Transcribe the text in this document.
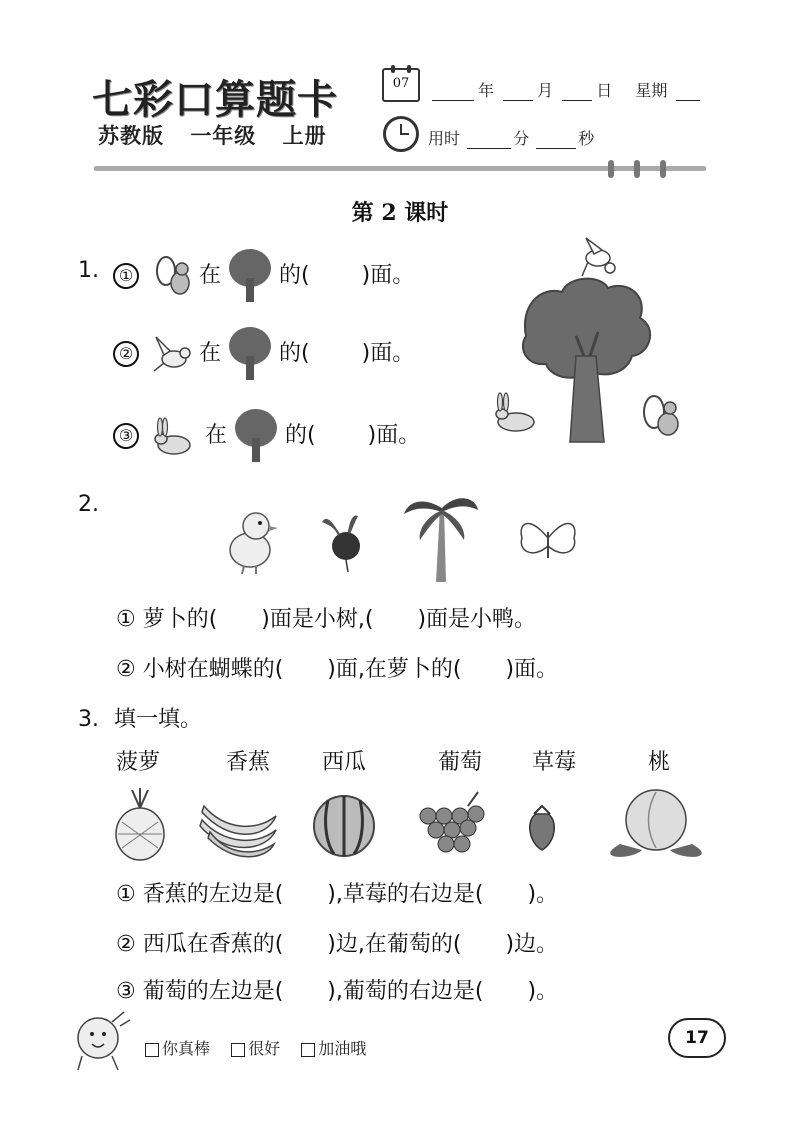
七彩口算题卡
苏教版 一年级 上册
07	年	月	日 星期
用时	分	秒
第 2 课时
1.	①	在	的( )面。
②	在	的( )面。
③	在	的( )面。
2.
① 萝卜的(　　)面是小树,(　　)面是小鸭。
② 小树在蝴蝶的(　　)面,在萝卜的(　　)面。
3. 填一填。
菠萝	香蕉 西瓜	葡萄 草莓	桃
① 香蕉的左边是(　　),草莓的右边是(　　)。
② 西瓜在香蕉的(　　)边,在葡萄的(　　)边。
③ 葡萄的左边是(　　),葡萄的右边是(　　)。
你真棒 很好 加油哦
17
